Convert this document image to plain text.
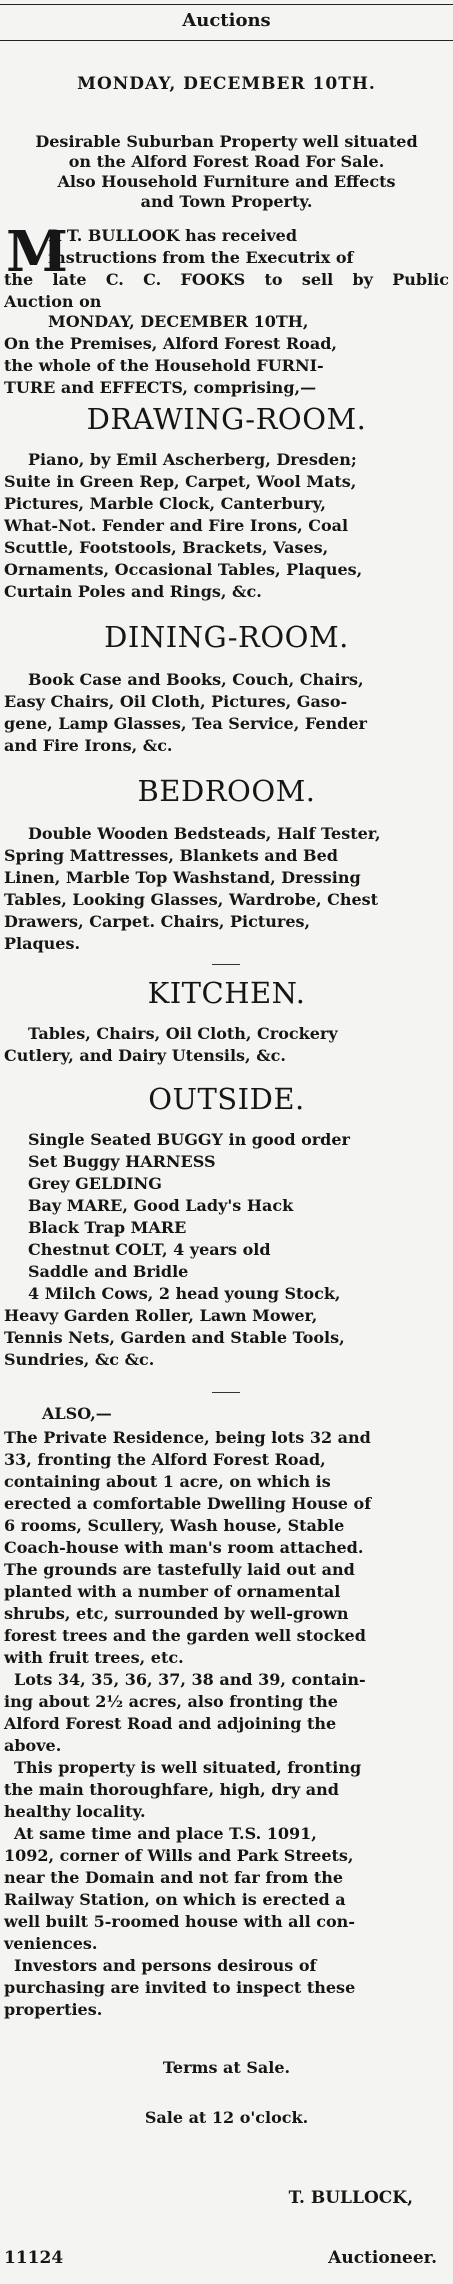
Auctions
MONDAY, DECEMBER 10TH.
Desirable Suburban Property well situated
on the Alford Forest Road For Sale.
Also Household Furniture and Effects
and Town Property.
M
R T. BULLOOK has received
instructions from the Executrix of
the late C. C. FOOKS to sell by Public
Auction on
MONDAY, DECEMBER 10TH,
On the Premises, Alford Forest Road,
the whole of the Household FURNI-
TURE and EFFECTS, comprising,—
DRAWING-ROOM.
Piano, by Emil Ascherberg, Dresden;
Suite in Green Rep, Carpet, Wool Mats,
Pictures, Marble Clock, Canterbury,
What-Not. Fender and Fire Irons, Coal
Scuttle, Footstools, Brackets, Vases,
Ornaments, Occasional Tables, Plaques,
Curtain Poles and Rings, &c.
DINING-ROOM.
Book Case and Books, Couch, Chairs,
Easy Chairs, Oil Cloth, Pictures, Gaso-
gene, Lamp Glasses, Tea Service, Fender
and Fire Irons, &c.
BEDROOM.
Double Wooden Bedsteads, Half Tester,
Spring Mattresses, Blankets and Bed
Linen, Marble Top Washstand, Dressing
Tables, Looking Glasses, Wardrobe, Chest
Drawers, Carpet. Chairs, Pictures,
Plaques.
KITCHEN.
Tables, Chairs, Oil Cloth, Crockery
Cutlery, and Dairy Utensils, &c.
OUTSIDE.
Single Seated BUGGY in good order
Set Buggy HARNESS
Grey GELDING
Bay MARE, Good Lady's Hack
Black Trap MARE
Chestnut COLT, 4 years old
Saddle and Bridle
4 Milch Cows, 2 head young Stock,
Heavy Garden Roller, Lawn Mower,
Tennis Nets, Garden and Stable Tools,
Sundries, &c &c.
ALSO,—
The Private Residence, being lots 32 and
33, fronting the Alford Forest Road,
containing about 1 acre, on which is
erected a comfortable Dwelling House of
6 rooms, Scullery, Wash house, Stable
Coach-house with man's room attached.
The grounds are tastefully laid out and
planted with a number of ornamental
shrubs, etc, surrounded by well-grown
forest trees and the garden well stocked
with fruit trees, etc.
Lots 34, 35, 36, 37, 38 and 39, contain-
ing about 2½ acres, also fronting the
Alford Forest Road and adjoining the
above.
This property is well situated, fronting
the main thoroughfare, high, dry and
healthy locality.
At same time and place T.S. 1091,
1092, corner of Wills and Park Streets,
near the Domain and not far from the
Railway Station, on which is erected a
well built 5-roomed house with all con-
veniences.
Investors and persons desirous of
purchasing are invited to inspect these
properties.
Terms at Sale.
Sale at 12 o'clock.
T. BULLOCK,
11124	Auctioneer.
